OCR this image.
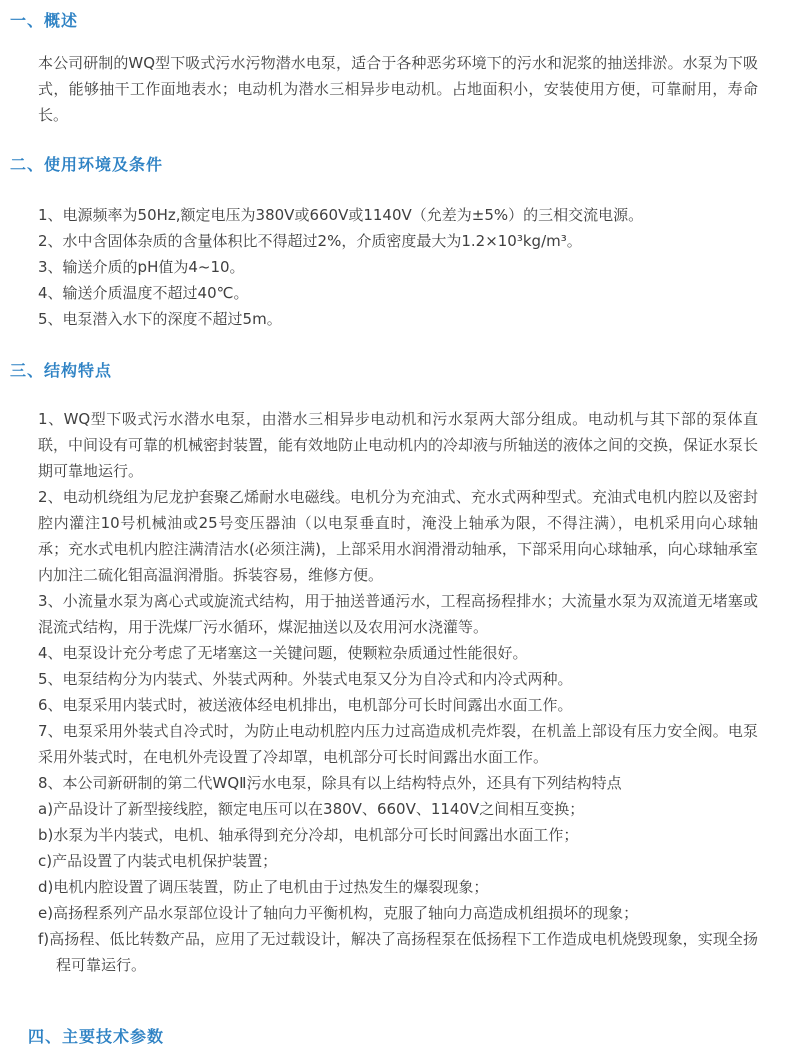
一、概述

本公司研制的WQ型下吸式污水污物潜水电泵，适合于各种恶劣环境下的污水和泥浆的抽送排淤。水泵为下吸式，能够抽干工作面地表水；电动机为潜水三相异步电动机。占地面积小，安装使用方便，可靠耐用，寿命长。

二、使用环境及条件

1、电源频率为50Hz,额定电压为380V或660V或1140V（允差为±5%）的三相交流电源。

2、水中含固体杂质的含量体积比不得超过2%，介质密度最大为1.2×10³kg/m³。

3、输送介质的pH值为4~10。

4、输送介质温度不超过40℃。

5、电泵潜入水下的深度不超过5m。

三、结构特点

1、WQ型下吸式污水潜水电泵，由潜水三相异步电动机和污水泵两大部分组成。电动机与其下部的泵体直联，中间设有可靠的机械密封装置，能有效地防止电动机内的冷却液与所轴送的液体之间的交换，保证水泵长期可靠地运行。

2、电动机绕组为尼龙护套聚乙烯耐水电磁线。电机分为充油式、充水式两种型式。充油式电机内腔以及密封腔内灌注10号机械油或25号变压器油（以电泵垂直时，淹没上轴承为限，不得注满），电机采用向心球轴承；充水式电机内腔注满清洁水(必须注满)，上部采用水润滑滑动轴承，下部采用向心球轴承，向心球轴承室内加注二硫化钼高温润滑脂。拆装容易，维修方便。

3、小流量水泵为离心式或旋流式结构，用于抽送普通污水，工程高扬程排水；大流量水泵为双流道无堵塞或混流式结构，用于洗煤厂污水循环，煤泥抽送以及农用河水浇灌等。

4、电泵设计充分考虑了无堵塞这一关键问题，使颗粒杂质通过性能很好。

5、电泵结构分为内装式、外装式两种。外装式电泵又分为自冷式和内冷式两种。

6、电泵采用内装式时，被送液体经电机排出，电机部分可长时间露出水面工作。

7、电泵采用外装式自冷式时，为防止电动机腔内压力过高造成机壳炸裂，在机盖上部设有压力安全阀。电泵采用外装式时，在电机外壳设置了冷却罩，电机部分可长时间露出水面工作。

8、本公司新研制的第二代WQⅡ污水电泵，除具有以上结构特点外，还具有下列结构特点

a)产品设计了新型接线腔，额定电压可以在380V、660V、1140V之间相互变换；

b)水泵为半内装式，电机、轴承得到充分冷却，电机部分可长时间露出水面工作；

c)产品设置了内装式电机保护装置；

d)电机内腔设置了调压装置，防止了电机由于过热发生的爆裂现象；

e)高扬程系列产品水泵部位设计了轴向力平衡机构，克服了轴向力高造成机组损坏的现象；

f)高扬程、低比转数产品，应用了无过载设计，解决了高扬程泵在低扬程下工作造成电机烧毁现象，实现全扬程可靠运行。

四、主要技术参数
